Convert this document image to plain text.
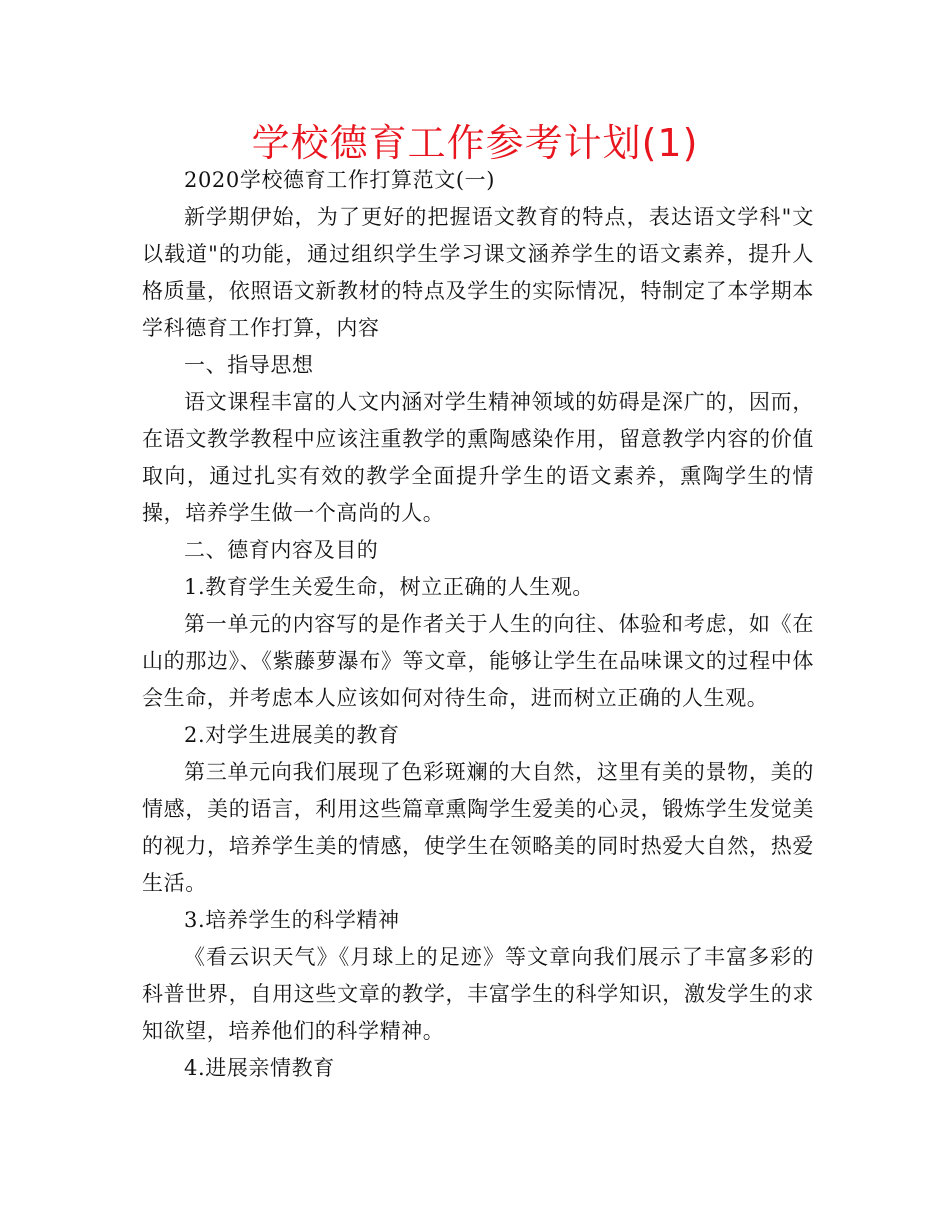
学校德育工作参考计划(1)

2020学校德育工作打算范文(一)

新学期伊始，为了更好的把握语文教育的特点，表达语文学科"文以载道"的功能，通过组织学生学习课文涵养学生的语文素养，提升人格质量，依照语文新教材的特点及学生的实际情况，特制定了本学期本学科德育工作打算，内容

一、指导思想

语文课程丰富的人文内涵对学生精神领域的妨碍是深广的，因而，在语文教学教程中应该注重教学的熏陶感染作用，留意教学内容的价值取向，通过扎实有效的教学全面提升学生的语文素养，熏陶学生的情操，培养学生做一个高尚的人。

二、德育内容及目的

1.教育学生关爱生命，树立正确的人生观。

第一单元的内容写的是作者关于人生的向往、体验和考虑，如《在山的那边》、《紫藤萝瀑布》等文章，能够让学生在品味课文的过程中体会生命，并考虑本人应该如何对待生命，进而树立正确的人生观。

2.对学生进展美的教育

第三单元向我们展现了色彩斑斓的大自然，这里有美的景物，美的情感，美的语言，利用这些篇章熏陶学生爱美的心灵，锻炼学生发觉美的视力，培养学生美的情感，使学生在领略美的同时热爱大自然，热爱生活。

3.培养学生的科学精神

《看云识天气》《月球上的足迹》等文章向我们展示了丰富多彩的科普世界，自用这些文章的教学，丰富学生的科学知识，激发学生的求知欲望，培养他们的科学精神。

4.进展亲情教育
